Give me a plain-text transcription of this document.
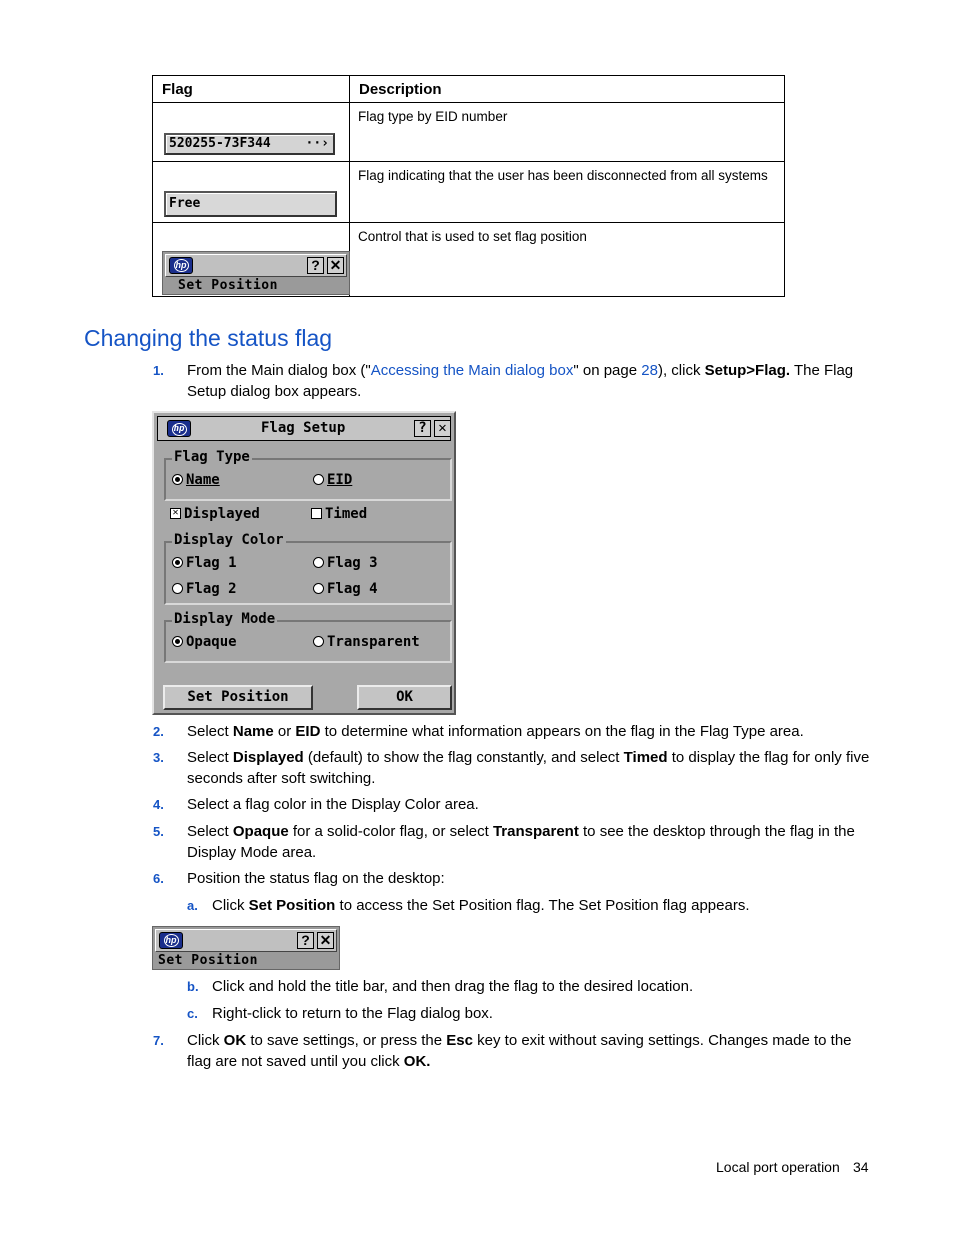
Flag	Description

520255-73F344 ⋅⋅›	Flag type by EID number

Free	Flag indicating that the user has been disconnected from all systems

hp ? ✕
Set Position	Control that is used to set flag position
Changing the status flag
1. From the Main dialog box ("Accessing the Main dialog box" on page 28), click Setup>Flag. The Flag Setup dialog box appears.
hp	Flag Setup	? ✕
Flag Type
Name	EID
✕ Displayed	Timed
Display Color
Flag 1	Flag 3
Flag 2	Flag 4
Display Mode
Opaque	Transparent
Set Position	OK
2. Select Name or EID to determine what information appears on the flag in the Flag Type area.
3. Select Displayed (default) to show the flag constantly, and select Timed to display the flag for only five seconds after soft switching.
4. Select a flag color in the Display Color area.
5. Select Opaque for a solid-color flag, or select Transparent to see the desktop through the flag in the Display Mode area.
6. Position the status flag on the desktop:
a. Click Set Position to access the Set Position flag. The Set Position flag appears.
hp	? ✕
Set Position
b. Click and hold the title bar, and then drag the flag to the desired location.
c. Right-click to return to the Flag dialog box.
7. Click OK to save settings, or press the Esc key to exit without saving settings. Changes made to the flag are not saved until you click OK.
Local port operation 34
